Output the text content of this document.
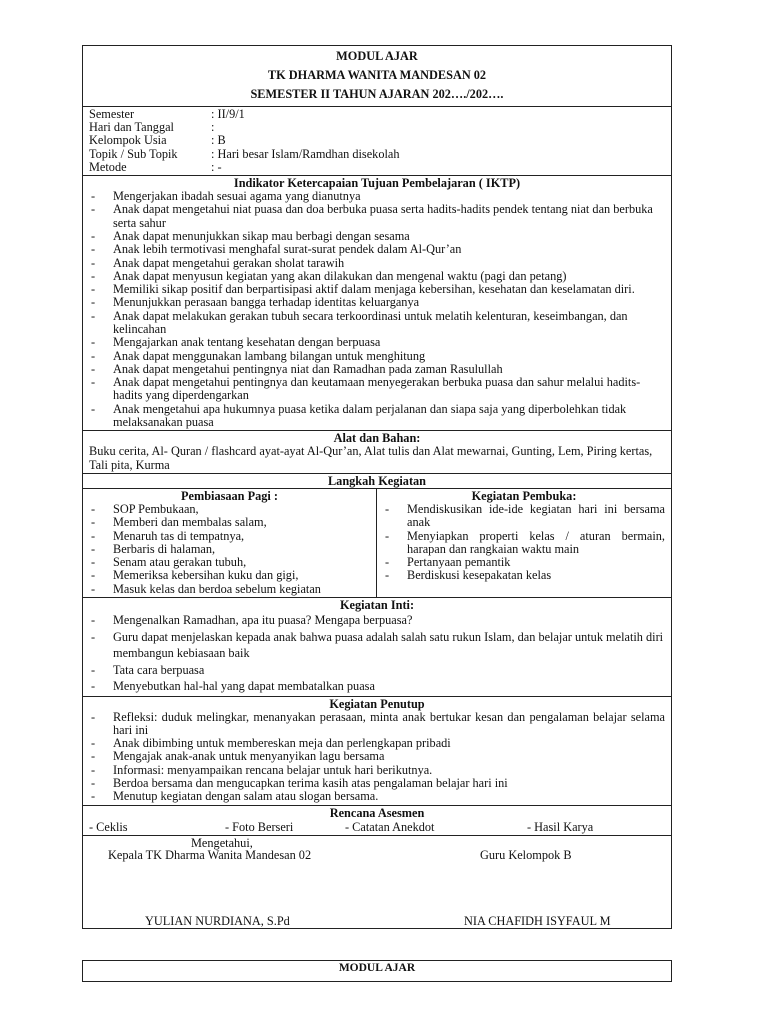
MODUL AJAR
TK DHARMA WANITA MANDESAN 02
SEMESTER II TAHUN AJARAN 202…./202….
Semester	: II/9/1
Hari dan Tanggal	:
Kelompok Usia	: B
Topik / Sub Topik	: Hari besar Islam/Ramdhan disekolah
Metode	: -
Indikator Ketercapaian Tujuan Pembelajaran ( IKTP)
- Mengerjakan ibadah sesuai agama yang dianutnya
- Anak dapat mengetahui niat puasa dan doa berbuka puasa serta hadits-hadits pendek tentang niat dan berbuka serta sahur
- Anak dapat menunjukkan sikap mau berbagi dengan sesama
- Anak lebih termotivasi menghafal surat-surat pendek dalam Al-Qur’an
- Anak dapat mengetahui gerakan sholat tarawih
- Anak dapat menyusun kegiatan yang akan dilakukan dan mengenal waktu (pagi dan petang)
- Memiliki sikap positif dan berpartisipasi aktif dalam menjaga kebersihan, kesehatan dan keselamatan diri.
- Menunjukkan perasaan bangga terhadap identitas keluarganya
- Anak dapat melakukan gerakan tubuh secara terkoordinasi untuk melatih kelenturan, keseimbangan, dan kelincahan
- Mengajarkan anak tentang kesehatan dengan berpuasa
- Anak dapat menggunakan lambang bilangan untuk menghitung
- Anak dapat mengetahui pentingnya niat dan Ramadhan pada zaman Rasulullah
- Anak dapat mengetahui pentingnya dan keutamaan menyegerakan berbuka puasa dan sahur melalui hadits-hadits yang diperdengarkan
- Anak mengetahui apa hukumnya puasa ketika dalam perjalanan dan siapa saja yang diperbolehkan tidak melaksanakan puasa
Alat dan Bahan:
Buku cerita, Al- Quran / flashcard ayat-ayat Al-Qur’an, Alat tulis dan Alat mewarnai, Gunting, Lem, Piring kertas, Tali pita, Kurma
Langkah Kegiatan
Pembiasaan Pagi :
- SOP Pembukaan,
- Memberi dan membalas salam,
- Menaruh tas di tempatnya,
- Berbaris di halaman,
- Senam atau gerakan tubuh,
- Memeriksa kebersihan kuku dan gigi,
- Masuk kelas dan berdoa sebelum kegiatan
Kegiatan Pembuka:
- Mendiskusikan ide-ide kegiatan hari ini bersama anak
- Menyiapkan properti kelas / aturan bermain, harapan dan rangkaian waktu main
- Pertanyaan pemantik
- Berdiskusi kesepakatan kelas
Kegiatan Inti:
- Mengenalkan Ramadhan, apa itu puasa? Mengapa berpuasa?
- Guru dapat menjelaskan kepada anak bahwa puasa adalah salah satu rukun Islam, dan belajar untuk melatih diri membangun kebiasaan baik
- Tata cara berpuasa
- Menyebutkan hal-hal yang dapat membatalkan puasa
Kegiatan Penutup
- Refleksi: duduk melingkar, menanyakan perasaan, minta anak bertukar kesan dan pengalaman belajar selama hari ini
- Anak dibimbing untuk membereskan meja dan perlengkapan pribadi
- Mengajak anak-anak untuk menyanyikan lagu bersama
- Informasi: menyampaikan rencana belajar untuk hari berikutnya.
- Berdoa bersama dan mengucapkan terima kasih atas pengalaman belajar hari ini
- Menutup kegiatan dengan salam atau slogan bersama.
Rencana Asesmen
- Ceklis	- Foto Berseri	- Catatan Anekdot	- Hasil Karya
Mengetahui,
Kepala TK Dharma Wanita Mandesan 02	Guru Kelompok B
YULIAN NURDIANA, S.Pd	NIA CHAFIDH ISYFAUL M
MODUL AJAR
